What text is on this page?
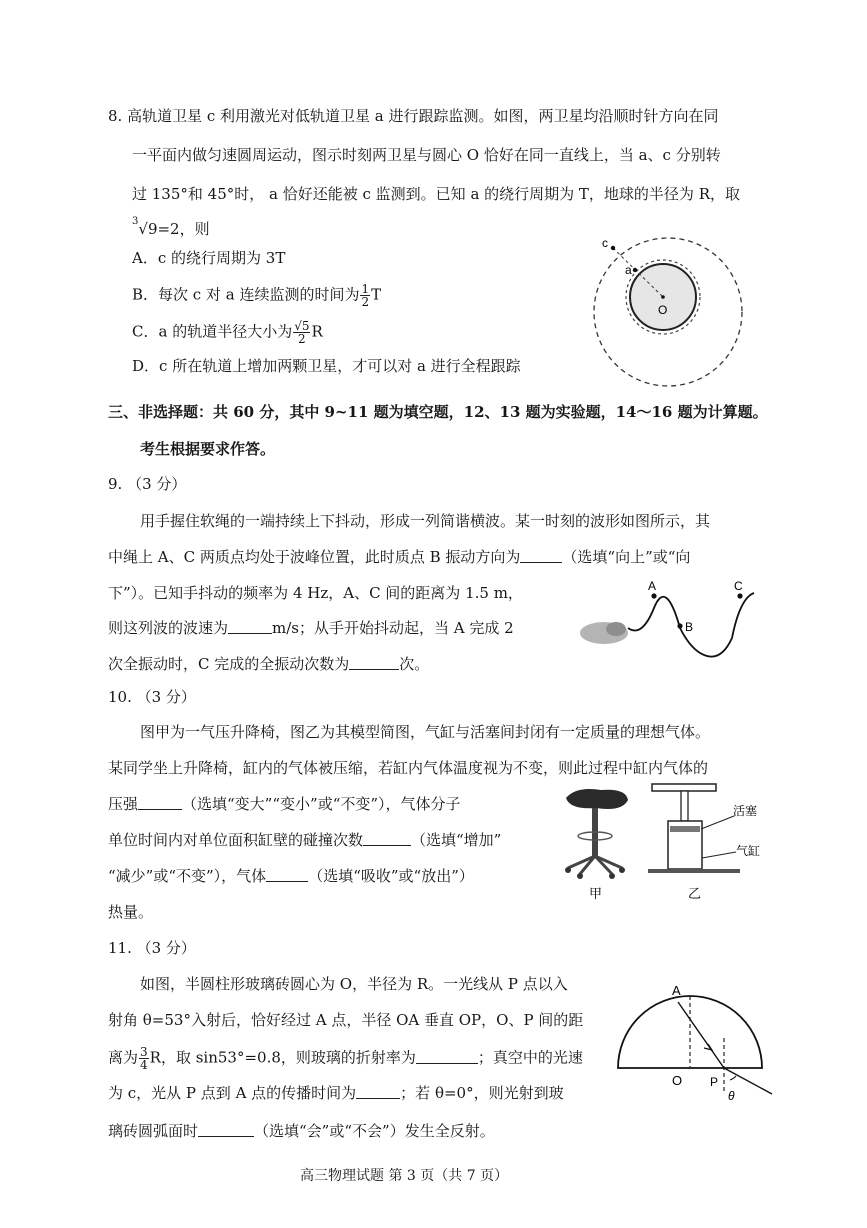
8. 高轨道卫星 c 利用激光对低轨道卫星 a 进行跟踪监测。如图，两卫星均沿顺时针方向在同
一平面内做匀速圆周运动，图示时刻两卫星与圆心 O 恰好在同一直线上，当 a、c 分别转
过 135°和 45°时， a 恰好还能被 c 监测到。已知 a 的绕行周期为 T，地球的半径为 R，取
$^3$√9=2，则
A．c 的绕行周期为 3T
B．每次 c 对 a 连续监测的时间为 $\frac{1}{2}$ T
C．a 的轨道半径大小为 $\frac{√5}{2}$ R
D．c 所在轨道上增加两颗卫星，才可以对 a 进行全程跟踪
c
a
O
三、非选择题：共 60 分，其中 9~11 题为填空题，12、13 题为实验题，14～16 题为计算题。
考生根据要求作答。
9. （3 分）
用手握住软绳的一端持续上下抖动，形成一列简谐横波。某一时刻的波形如图所示，其
中绳上 A、C 两质点均处于波峰位置，此时质点 B 振动方向为	（选填“向上”或“向
下”）。已知手抖动的频率为 4 Hz，A、C 间的距离为 1.5 m，
则这列波的波速为	m/s；从手开始抖动起，当 A 完成 2
次全振动时，C 完成的全振动次数为	次。
A
B
C
10. （3 分）
图甲为一气压升降椅，图乙为其模型简图，气缸与活塞间封闭有一定质量的理想气体。
某同学坐上升降椅，缸内的气体被压缩，若缸内气体温度视为不变，则此过程中缸内气体的
压强	（选填“变大”“变小”或“不变”），气体分子
单位时间内对单位面积缸壁的碰撞次数	（选填“增加”
“减少”或“不变”），气体	（选填“吸收”或“放出”）
热量。
甲
活塞
气缸
乙
11. （3 分）
如图，半圆柱形玻璃砖圆心为 O，半径为 R。一光线从 P 点以入
射角 θ=53°入射后，恰好经过 A 点，半径 OA 垂直 OP，O、P 间的距
离为 $\frac{3}{4}$ R，取 sin53°=0.8，则玻璃的折射率为	；真空中的光速
为 c，光从 P 点到 A 点的传播时间为	；若 θ=0°，则光射到玻
璃砖圆弧面时	（选填“会”或“不会”）发生全反射。
A
O P
θ
高三物理试题 第 3 页（共 7 页）
